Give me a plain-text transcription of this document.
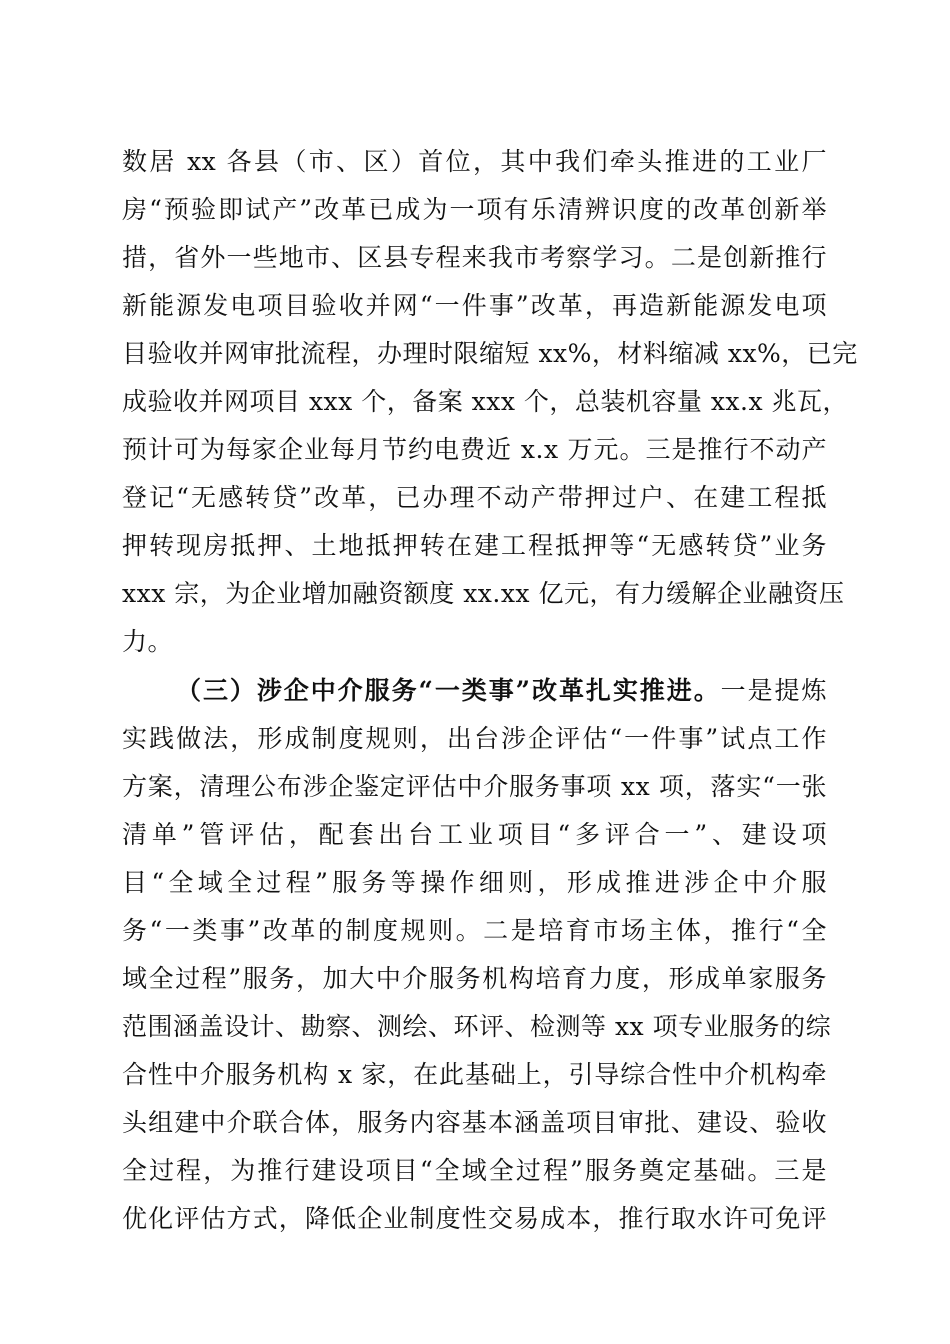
数居 xx 各县（市、区）首位，其中我们牵头推进的工业厂
房“预验即试产”改革已成为一项有乐清辨识度的改革创新举
措，省外一些地市、区县专程来我市考察学习。二是创新推行
新能源发电项目验收并网“一件事”改革，再造新能源发电项
目验收并网审批流程，办理时限缩短 xx%，材料缩减 xx%，已完
成验收并网项目 xxx 个，备案 xxx 个，总装机容量 xx.x 兆瓦，
预计可为每家企业每月节约电费近 x.x 万元。三是推行不动产
登记“无感转贷”改革，已办理不动产带押过户、在建工程抵
押转现房抵押、土地抵押转在建工程抵押等“无感转贷”业务
xxx 宗，为企业增加融资额度 xx.xx 亿元，有力缓解企业融资压
力。
（三）涉企中介服务“一类事”改革扎实推进。一是提炼
实践做法，形成制度规则，出台涉企评估“一件事”试点工作
方案，清理公布涉企鉴定评估中介服务事项 xx 项，落实“一张
清单”管评估，配套出台工业项目“多评合一”、建设项
目“全域全过程”服务等操作细则，形成推进涉企中介服
务“一类事”改革的制度规则。二是培育市场主体，推行“全
域全过程”服务，加大中介服务机构培育力度，形成单家服务
范围涵盖设计、勘察、测绘、环评、检测等 xx 项专业服务的综
合性中介服务机构 x 家，在此基础上，引导综合性中介机构牵
头组建中介联合体，服务内容基本涵盖项目审批、建设、验收
全过程，为推行建设项目“全域全过程”服务奠定基础。三是
优化评估方式，降低企业制度性交易成本，推行取水许可免评
